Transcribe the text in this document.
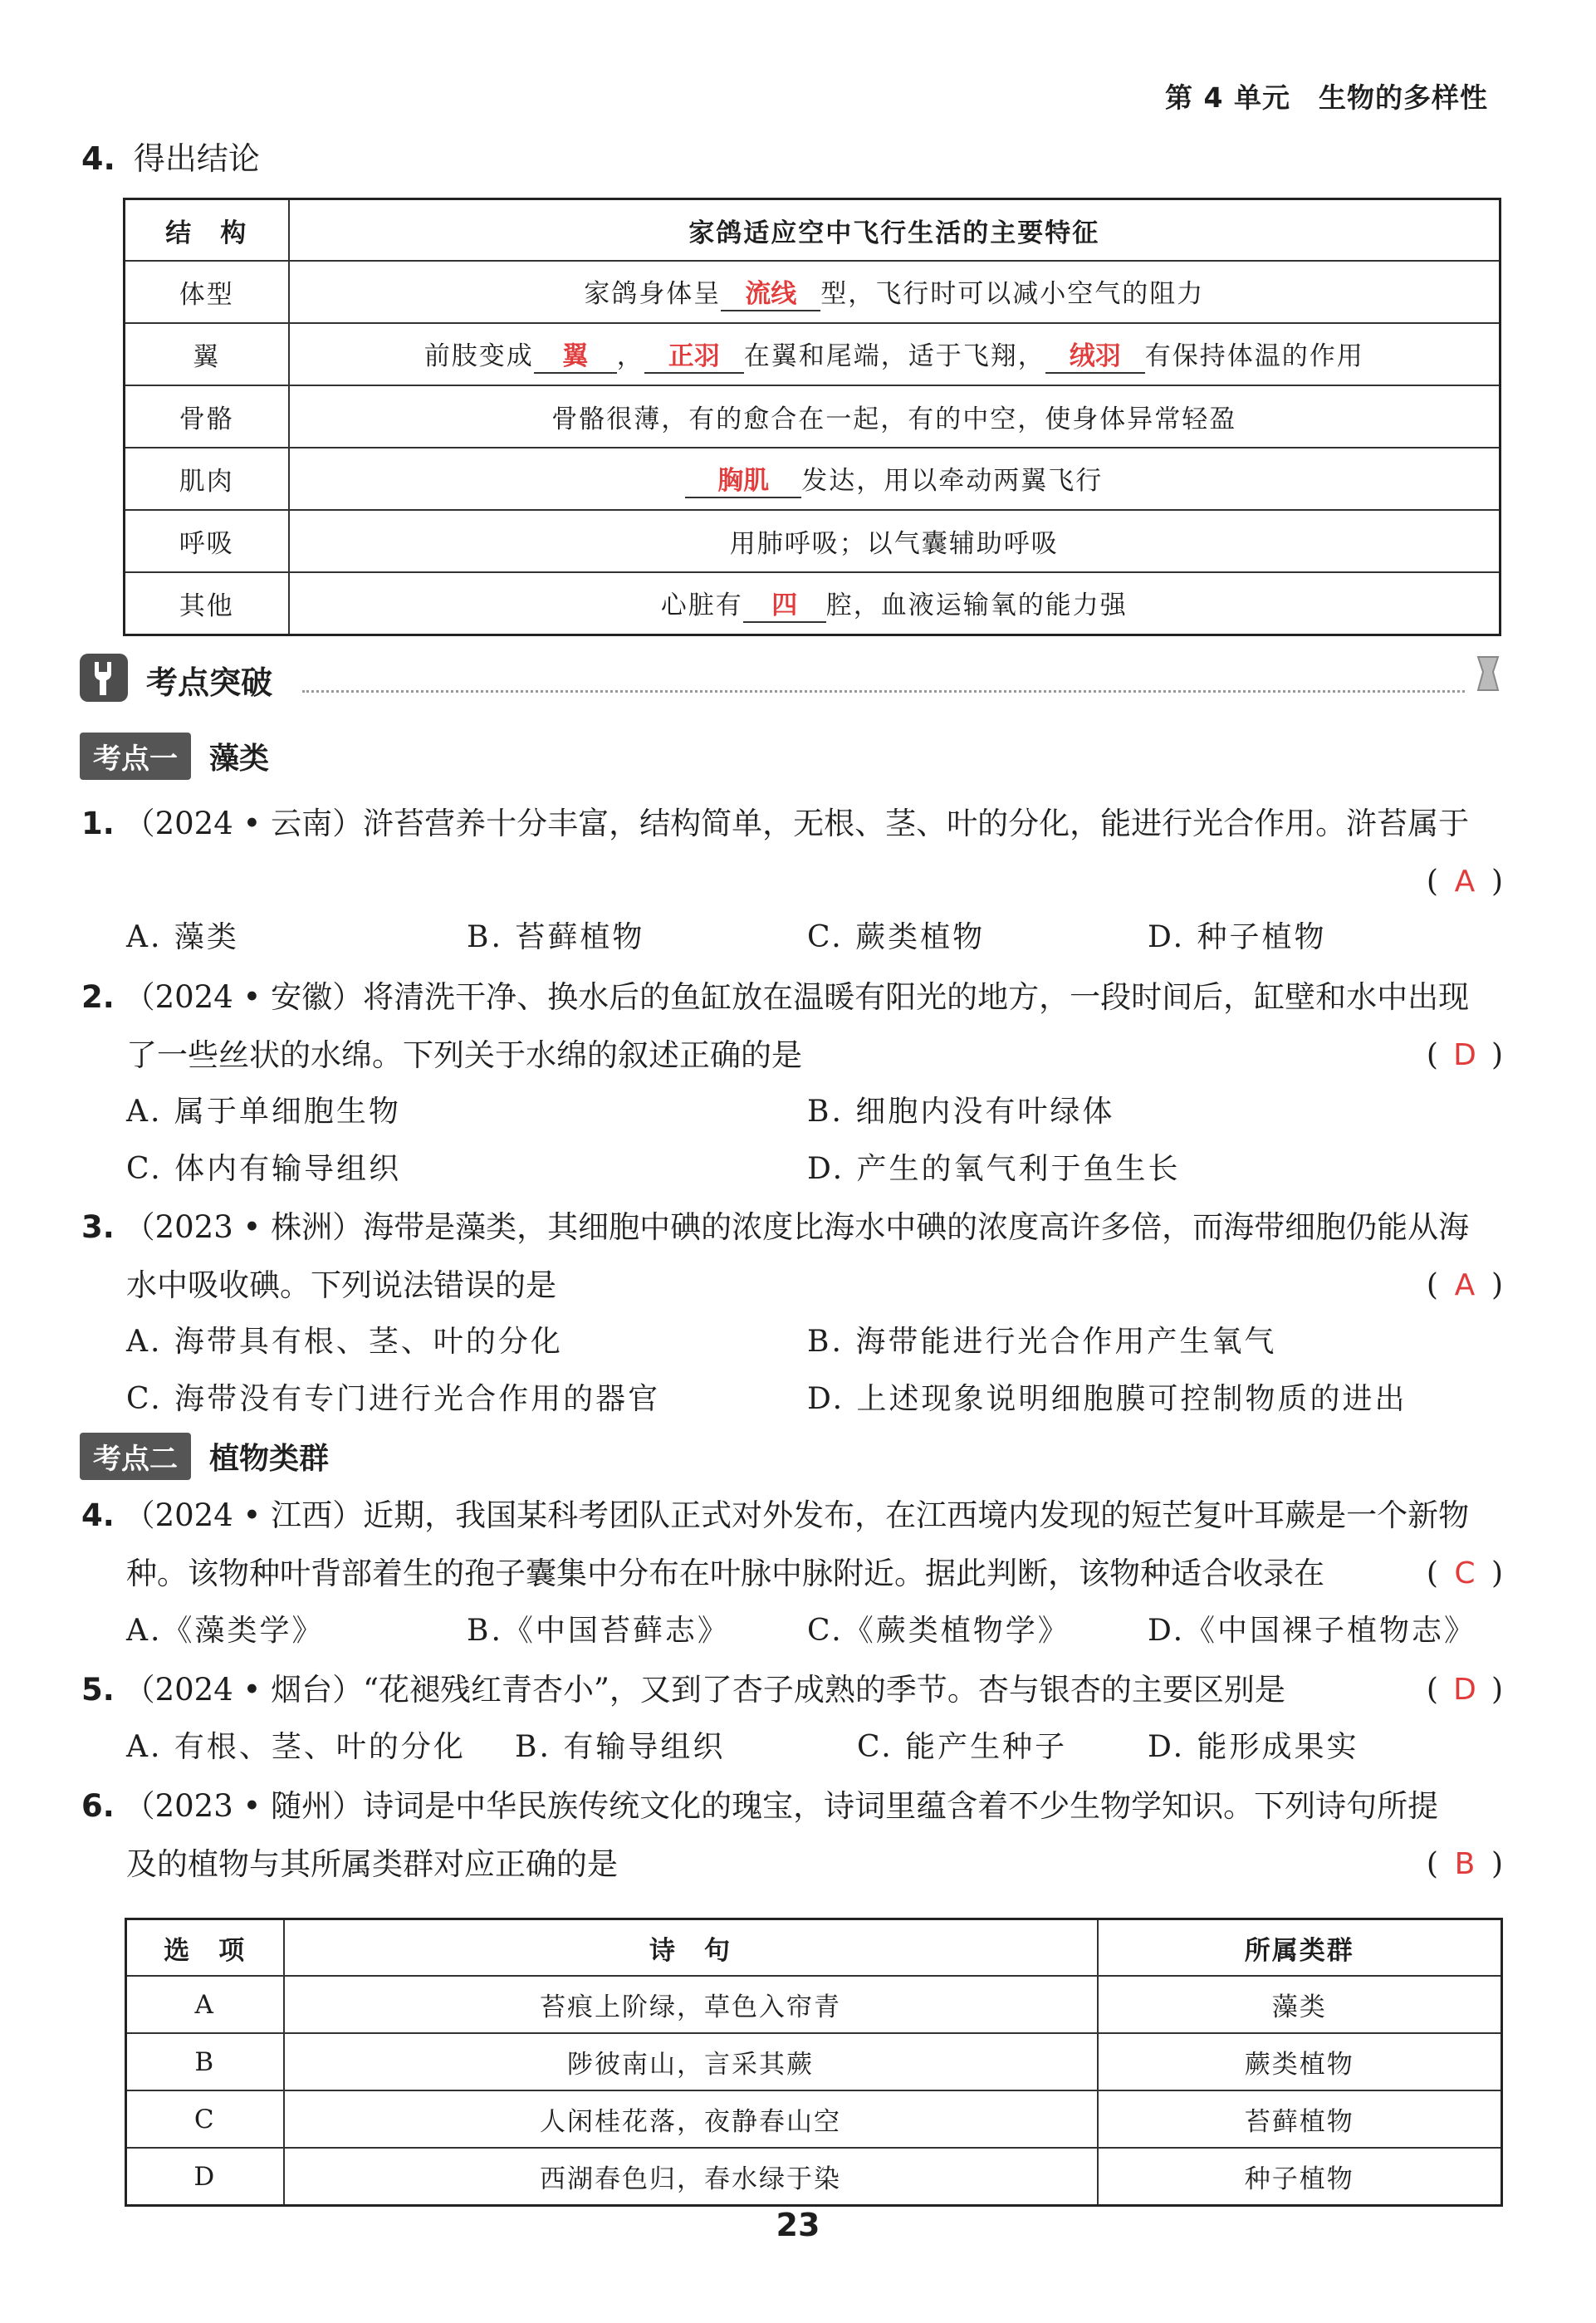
第 4 单元　生物的多样性
4. 得出结论
结　构	家鸽适应空中飞行生活的主要特征
体型	家鸽身体呈 流线 型，飞行时可以减小空气的阻力
翼	前肢变成 翼 ， 正羽 在翼和尾端，适于飞翔， 绒羽 有保持体温的作用
骨骼	骨骼很薄，有的愈合在一起，有的中空，使身体异常轻盈
肌肉	胸肌 发达，用以牵动两翼飞行
呼吸	用肺呼吸；以气囊辅助呼吸
其他	心脏有 四 腔，血液运输氧的能力强
考点突破
考点一 藻类
1. （2024 • 云南）浒苔营养十分丰富，结构简单，无根、茎、叶的分化，能进行光合作用。浒苔属于
( A )
A. 藻类	B. 苔藓植物	C. 蕨类植物	D. 种子植物
2. （2024 • 安徽）将清洗干净、换水后的鱼缸放在温暖有阳光的地方，一段时间后，缸壁和水中出现
了一些丝状的水绵。下列关于水绵的叙述正确的是	( D )
A. 属于单细胞生物	B. 细胞内没有叶绿体
C. 体内有输导组织	D. 产生的氧气利于鱼生长
3. （2023 • 株洲）海带是藻类，其细胞中碘的浓度比海水中碘的浓度高许多倍，而海带细胞仍能从海
水中吸收碘。下列说法错误的是	( A )
A. 海带具有根、茎、叶的分化	B. 海带能进行光合作用产生氧气
C. 海带没有专门进行光合作用的器官	D. 上述现象说明细胞膜可控制物质的进出
考点二 植物类群
4. （2024 • 江西）近期，我国某科考团队正式对外发布，在江西境内发现的短芒复叶耳蕨是一个新物
种。该物种叶背部着生的孢子囊集中分布在叶脉中脉附近。据此判断，该物种适合收录在	( C )
A.《藻类学》	B.《中国苔藓志》	C.《蕨类植物学》	D.《中国裸子植物志》
5. （2024 • 烟台）“花褪残红青杏小”，又到了杏子成熟的季节。杏与银杏的主要区别是	( D )
A. 有根、茎、叶的分化 B. 有输导组织	C. 能产生种子	D. 能形成果实
6. （2023 • 随州）诗词是中华民族传统文化的瑰宝，诗词里蕴含着不少生物学知识。下列诗句所提
及的植物与其所属类群对应正确的是	( B )
选　项	诗　句	所属类群
A	苔痕上阶绿，草色入帘青	藻类
B	陟彼南山，言采其蕨	蕨类植物
C	人闲桂花落，夜静春山空	苔藓植物
D	西湖春色归，春水绿于染	种子植物
23
